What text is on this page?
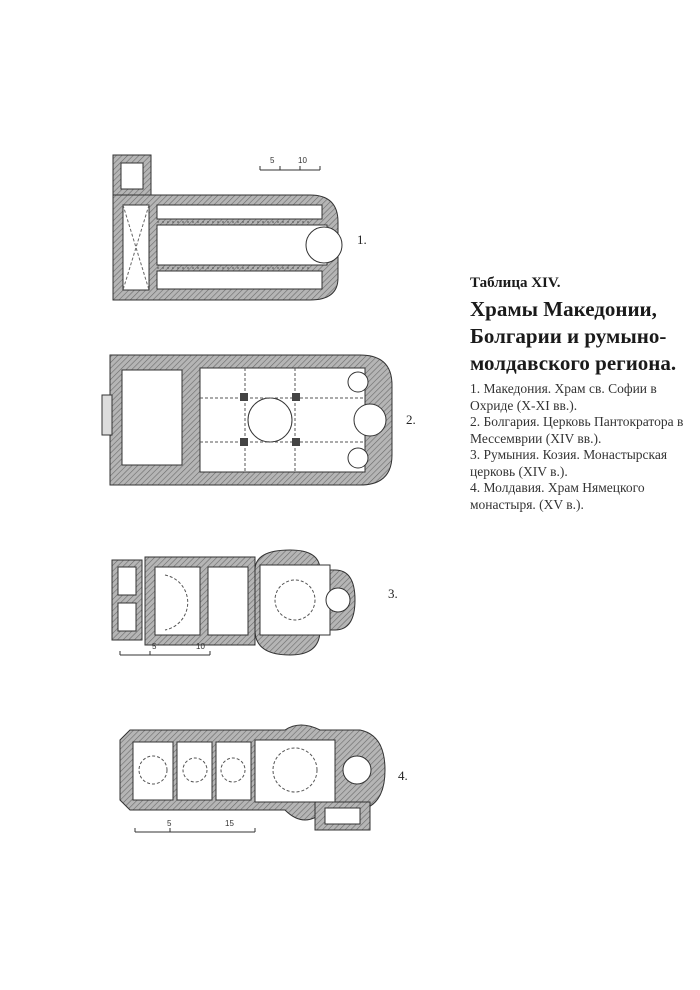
5	10
1.
2.
5	10
3.
5	15
4.
Таблица XIV.
Храмы Македонии, Болгарии и румыно-молдавского региона.
1. Македония. Храм св. Софии в Охриде (X-XI вв.).
2. Болгария. Церковь Пантократора в Мессемврии (XIV вв.).
3. Румыния. Козия. Монастырская церковь (XIV в.).
4. Молдавия. Храм Нямецкого монастыря. (XV в.).
